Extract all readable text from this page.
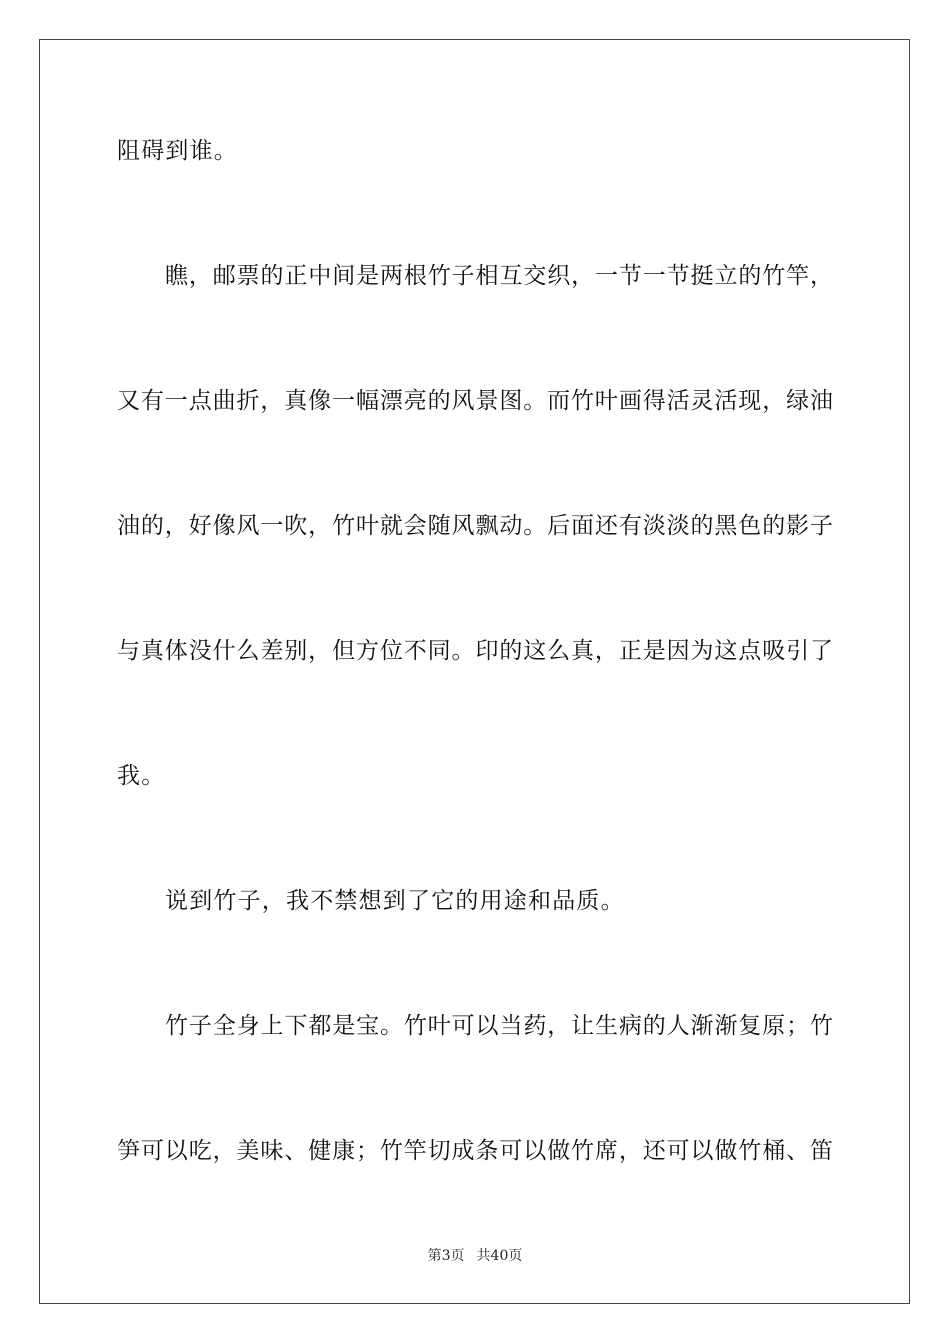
阻碍到谁。
瞧，邮票的正中间是两根竹子相互交织，一节一节挺立的竹竿，
又有一点曲折，真像一幅漂亮的风景图。而竹叶画得活灵活现，绿油
油的，好像风一吹，竹叶就会随风飘动。后面还有淡淡的黑色的影子
与真体没什么差别，但方位不同。印的这么真，正是因为这点吸引了
我。
说到竹子，我不禁想到了它的用途和品质。
竹子全身上下都是宝。竹叶可以当药，让生病的人渐渐复原；竹
笋可以吃，美味、健康；竹竿切成条可以做竹席，还可以做竹桶、笛
第3页 共40页
